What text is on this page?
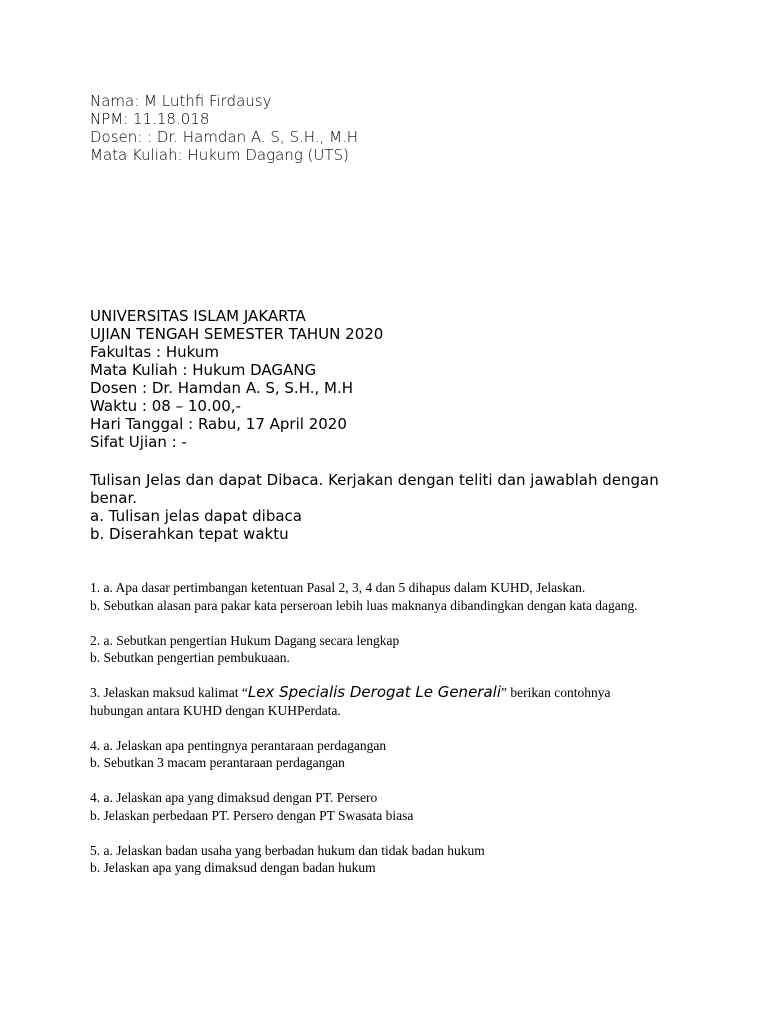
Nama: M Luthfi Firdausy
NPM: 11.18.018
Dosen: : Dr. Hamdan A. S, S.H., M.H
Mata Kuliah: Hukum Dagang (UTS)
UNIVERSITAS ISLAM JAKARTA
UJIAN TENGAH SEMESTER TAHUN 2020
Fakultas : Hukum
Mata Kuliah : Hukum DAGANG
Dosen : Dr. Hamdan A. S, S.H., M.H
Waktu : 08 – 10.00,-
Hari Tanggal : Rabu, 17 April 2020
Sifat Ujian : -
Tulisan Jelas dan dapat Dibaca. Kerjakan dengan teliti dan jawablah dengan benar.
a. Tulisan jelas dapat dibaca
b. Diserahkan tepat waktu
1. a. Apa dasar pertimbangan ketentuan Pasal 2, 3, 4 dan 5 dihapus dalam KUHD, Jelaskan.
b. Sebutkan alasan para pakar kata perseroan lebih luas maknanya dibandingkan dengan kata dagang.
2. a. Sebutkan pengertian Hukum Dagang secara lengkap
b. Sebutkan pengertian pembukuaan.
3. Jelaskan maksud kalimat “Lex Specialis Derogat Le Generali” berikan contohnya hubungan antara KUHD dengan KUHPerdata.
4. a. Jelaskan apa pentingnya perantaraan perdagangan
b. Sebutkan 3 macam perantaraan perdagangan
4. a. Jelaskan apa yang dimaksud dengan PT. Persero
b. Jelaskan perbedaan PT. Persero dengan PT Swasata biasa
5. a. Jelaskan badan usaha yang berbadan hukum dan tidak badan hukum
b. Jelaskan apa yang dimaksud dengan badan hukum
